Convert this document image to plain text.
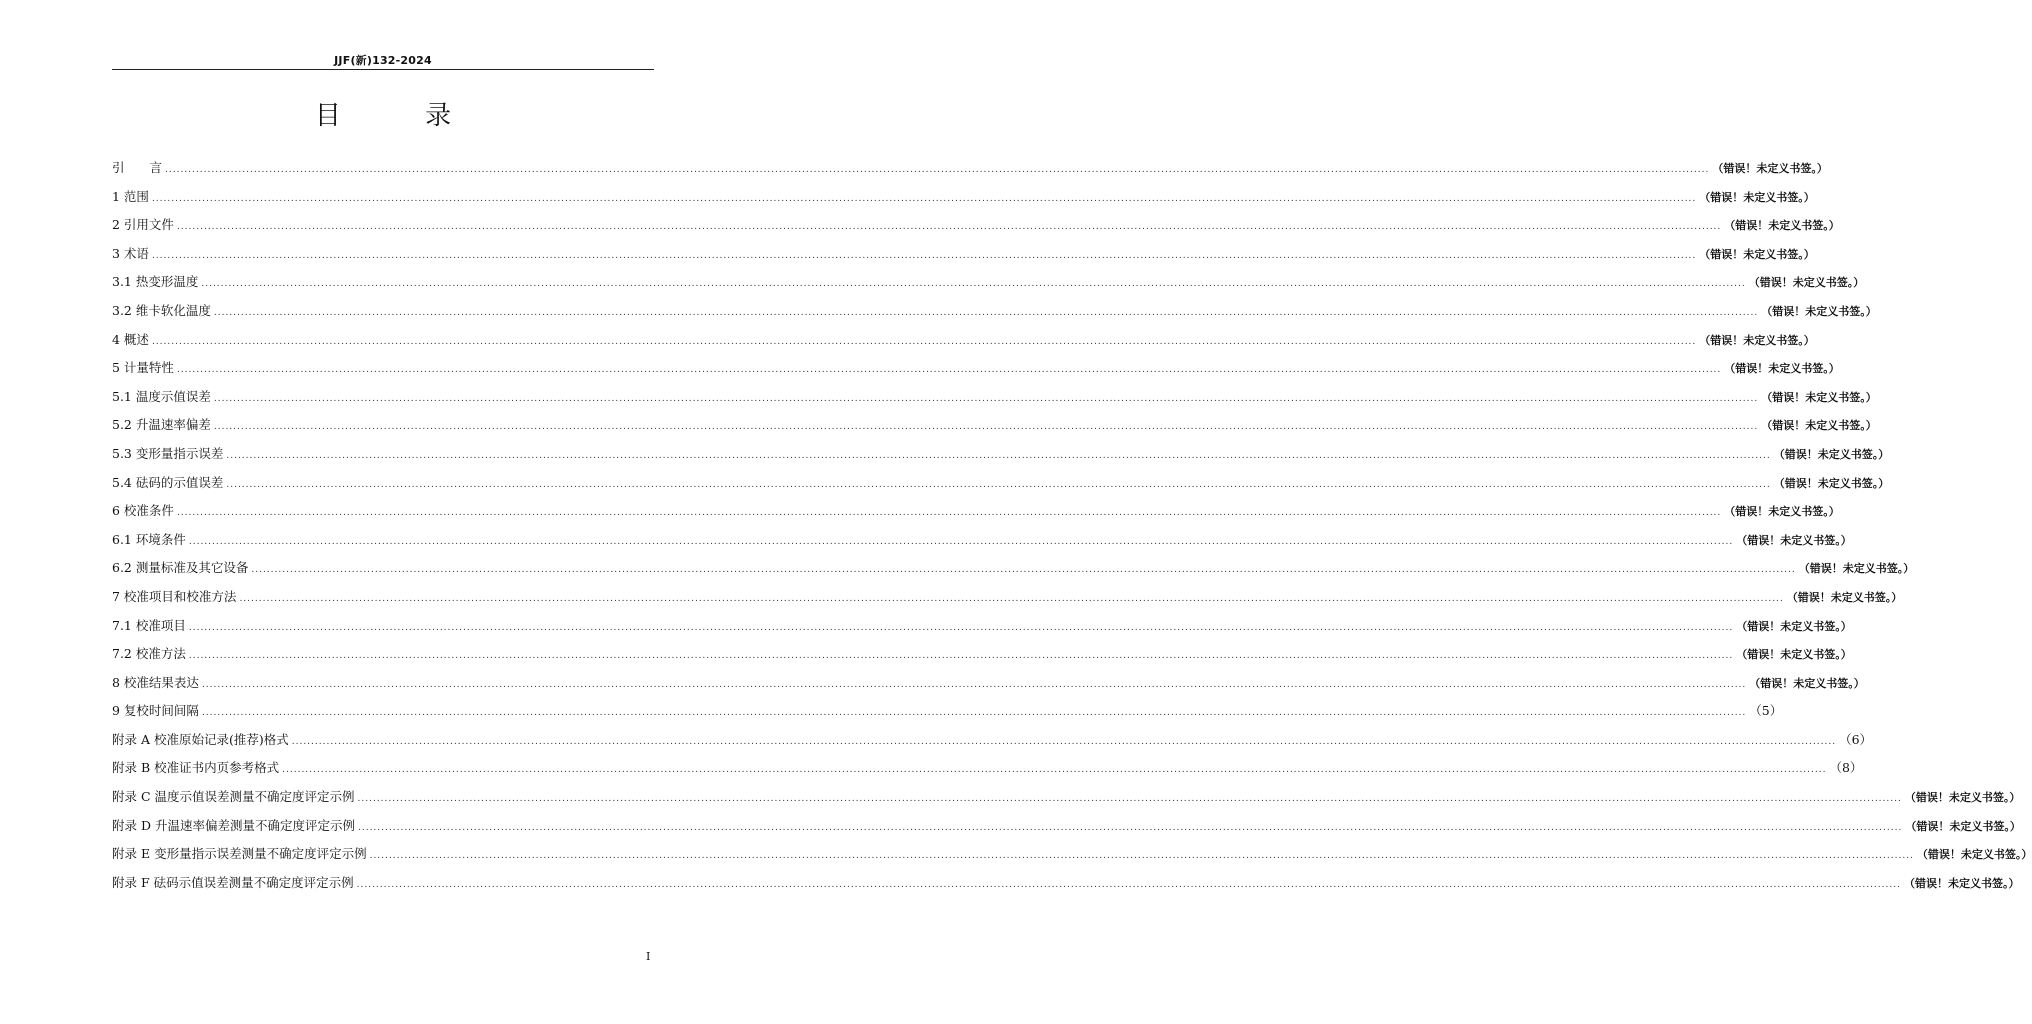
JJF(新)132-2024
目 录
引　　言 ................................................................................................................................................................................................................................................................................................................................................................................................................ （错误！未定义书签。）
1 范围 ................................................................................................................................................................................................................................................................................................................................................................................................................ （错误！未定义书签。）
2 引用文件 ................................................................................................................................................................................................................................................................................................................................................................................................................ （错误！未定义书签。）
3 术语 ................................................................................................................................................................................................................................................................................................................................................................................................................ （错误！未定义书签。）
3.1 热变形温度 ................................................................................................................................................................................................................................................................................................................................................................................................................ （错误！未定义书签。）
3.2 维卡软化温度 ................................................................................................................................................................................................................................................................................................................................................................................................................ （错误！未定义书签。）
4 概述 ................................................................................................................................................................................................................................................................................................................................................................................................................ （错误！未定义书签。）
5 计量特性 ................................................................................................................................................................................................................................................................................................................................................................................................................ （错误！未定义书签。）
5.1 温度示值误差 ................................................................................................................................................................................................................................................................................................................................................................................................................ （错误！未定义书签。）
5.2 升温速率偏差 ................................................................................................................................................................................................................................................................................................................................................................................................................ （错误！未定义书签。）
5.3 变形量指示误差 ................................................................................................................................................................................................................................................................................................................................................................................................................ （错误！未定义书签。）
5.4 砝码的示值误差 ................................................................................................................................................................................................................................................................................................................................................................................................................ （错误！未定义书签。）
6 校准条件 ................................................................................................................................................................................................................................................................................................................................................................................................................ （错误！未定义书签。）
6.1 环境条件 ................................................................................................................................................................................................................................................................................................................................................................................................................ （错误！未定义书签。）
6.2 测量标准及其它设备 ................................................................................................................................................................................................................................................................................................................................................................................................................ （错误！未定义书签。）
7 校准项目和校准方法 ................................................................................................................................................................................................................................................................................................................................................................................................................ （错误！未定义书签。）
7.1 校准项目 ................................................................................................................................................................................................................................................................................................................................................................................................................ （错误！未定义书签。）
7.2 校准方法 ................................................................................................................................................................................................................................................................................................................................................................................................................ （错误！未定义书签。）
8 校准结果表达 ................................................................................................................................................................................................................................................................................................................................................................................................................ （错误！未定义书签。）
9 复校时间间隔 ................................................................................................................................................................................................................................................................................................................................................................................................................ （5）
附录 A 校准原始记录(推荐)格式 ................................................................................................................................................................................................................................................................................................................................................................................................................ （6）
附录 B 校准证书内页参考格式 ................................................................................................................................................................................................................................................................................................................................................................................................................ （8）
附录 C 温度示值误差测量不确定度评定示例 ................................................................................................................................................................................................................................................................................................................................................................................................................ （错误！未定义书签。）
附录 D 升温速率偏差测量不确定度评定示例 ................................................................................................................................................................................................................................................................................................................................................................................................................ （错误！未定义书签。）
附录 E 变形量指示误差测量不确定度评定示例 ................................................................................................................................................................................................................................................................................................................................................................................................................ （错误！未定义书签。）
附录 F 砝码示值误差测量不确定度评定示例 ................................................................................................................................................................................................................................................................................................................................................................................................................ （错误！未定义书签。）
I
